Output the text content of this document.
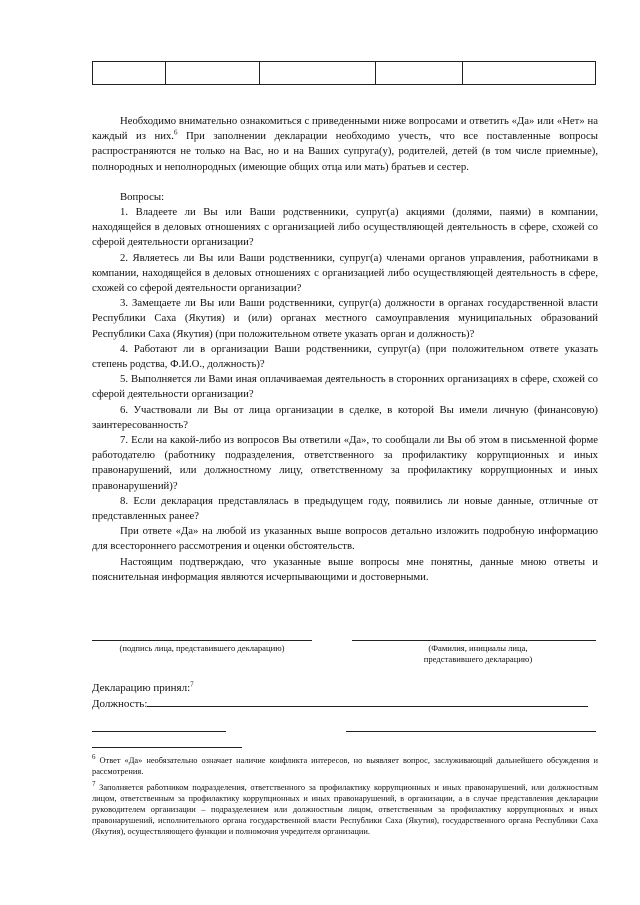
Необходимо внимательно ознакомиться с приведенными ниже вопросами и ответить «Да» или «Нет» на каждый из них.$^6$ При заполнении декларации необходимо учесть, что все поставленные вопросы распространяются не только на Вас, но и на Ваших супруга(у), родителей, детей (в том числе приемные), полнородных и неполнородных (имеющие общих отца или мать) братьев и сестер.

Вопросы:

1. Владеете ли Вы или Ваши родственники, супруг(а) акциями (долями, паями) в компании, находящейся в деловых отношениях с организацией либо осуществляющей деятельность в сфере, схожей со сферой деятельности организации?

2. Являетесь ли Вы или Ваши родственники, супруг(а) членами органов управления, работниками в компании, находящейся в деловых отношениях с организацией либо осуществляющей деятельность в сфере, схожей со сферой деятельности организации?

3. Замещаете ли Вы или Ваши родственники, супруг(а) должности в органах государственной власти Республики Саха (Якутия) и (или) органах местного самоуправления муниципальных образований Республики Саха (Якутия) (при положительном ответе указать орган и должность)?

4. Работают ли в организации Ваши родственники, супруг(а) (при положительном ответе указать степень родства, Ф.И.О., должность)?

5. Выполняется ли Вами иная оплачиваемая деятельность в сторонних организациях в сфере, схожей со сферой деятельности организации?

6. Участвовали ли Вы от лица организации в сделке, в которой Вы имели личную (финансовую) заинтересованность?

7. Если на какой-либо из вопросов Вы ответили «Да», то сообщали ли Вы об этом в письменной форме работодателю (работнику подразделения, ответственного за профилактику коррупционных и иных правонарушений, или должностному лицу, ответственному за профилактику коррупционных и иных правонарушений)?

8. Если декларация представлялась в предыдущем году, появились ли новые данные, отличные от представленных ранее?

При ответе «Да» на любой из указанных выше вопросов детально изложить подробную информацию для всестороннего рассмотрения и оценки обстоятельств.

Настоящим подтверждаю, что указанные выше вопросы мне понятны, данные мною ответы и пояснительная информация являются исчерпывающими и достоверными.

(подпись лица, представившего декларацию)	(Фамилия, инициалы лица,
представившего декларацию)
Декларацию принял:$^7$
Должность:
$^6$ Ответ «Да» необязательно означает наличие конфликта интересов, но выявляет вопрос, заслуживающий дальнейшего обсуждения и рассмотрения.
$^7$ Заполняется работником подразделения, ответственного за профилактику коррупционных и иных правонарушений, или должностным лицом, ответственным за профилактику коррупционных и иных правонарушений, в организации, а в случае представления декларации руководителем организации – подразделением или должностным лицом, ответственным за профилактику коррупционных и иных правонарушений, исполнительного органа государственной власти Республики Саха (Якутия), государственного органа Республики Саха (Якутия), осуществляющего функции и полномочия учредителя организации.
